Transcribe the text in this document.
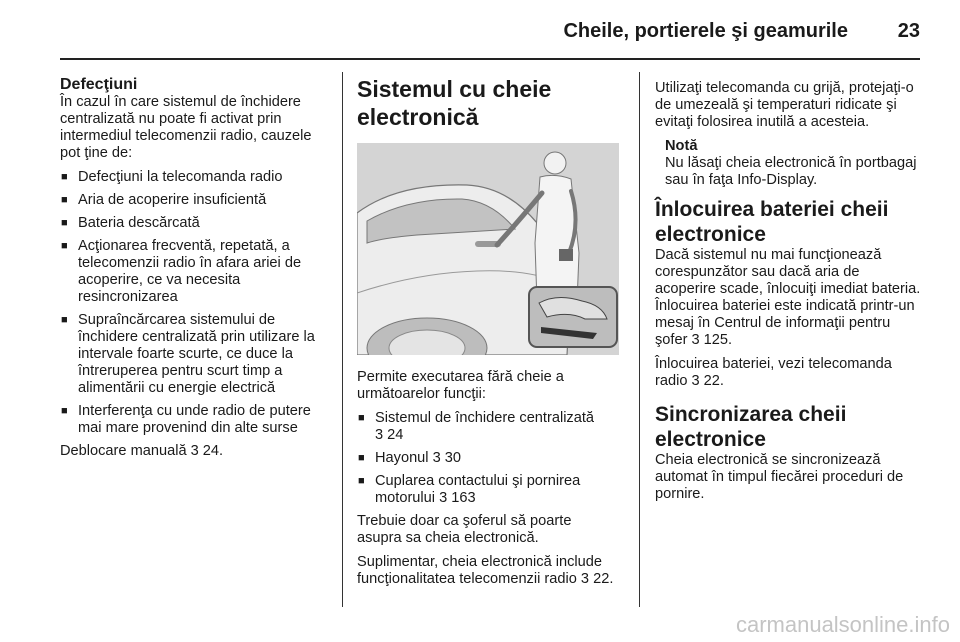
Cheile, portierele şi geamurile 23
Defecţiuni

În cazul în care sistemul de închidere centralizată nu poate fi activat prin intermediul telecomenzii radio, cauzele pot ţine de:

■ Defecţiuni la telecomanda radio
■ Aria de acoperire insuficientă
■ Bateria descărcată
■ Acţionarea frecventă, repetată, a telecomenzii radio în afara ariei de acoperire, ce va necesita resincronizarea
■ Supraîncărcarea sistemului de închidere centralizată prin utilizare la intervale foarte scurte, ce duce la întreruperea pentru scurt timp a alimentării cu energie electrică
■ Interferenţa cu unde radio de putere mai mare provenind din alte surse

Deblocare manuală 3 24.

Sistemul cu cheie electronică

Permite executarea fără cheie a următoarelor funcţii:

■ Sistemul de închidere centralizată
3 24
■ Hayonul 3 30
■ Cuplarea contactului şi pornirea motorului 3 163

Trebuie doar ca şoferul să poarte asupra sa cheia electronică.

Suplimentar, cheia electronică include funcţionalitatea telecomenzii radio 3 22.

Utilizaţi telecomanda cu grijă, protejaţi-o de umezeală şi temperaturi ridicate şi evitaţi folosirea inutilă a acesteia.

Notă
Nu lăsaţi cheia electronică în portbagaj sau în faţa Info-Display.
Înlocuirea bateriei cheii electronice

Dacă sistemul nu mai funcţionează corespunzător sau dacă aria de acoperire scade, înlocuiţi imediat bateria. Înlocuirea bateriei este indicată printr-un mesaj în Centrul de informaţii pentru şofer 3 125.

Înlocuirea bateriei, vezi telecomanda radio 3 22.

Sincronizarea cheii electronice

Cheia electronică se sincronizează automat în timpul fiecărei proceduri de pornire.

carmanualsonline.info
